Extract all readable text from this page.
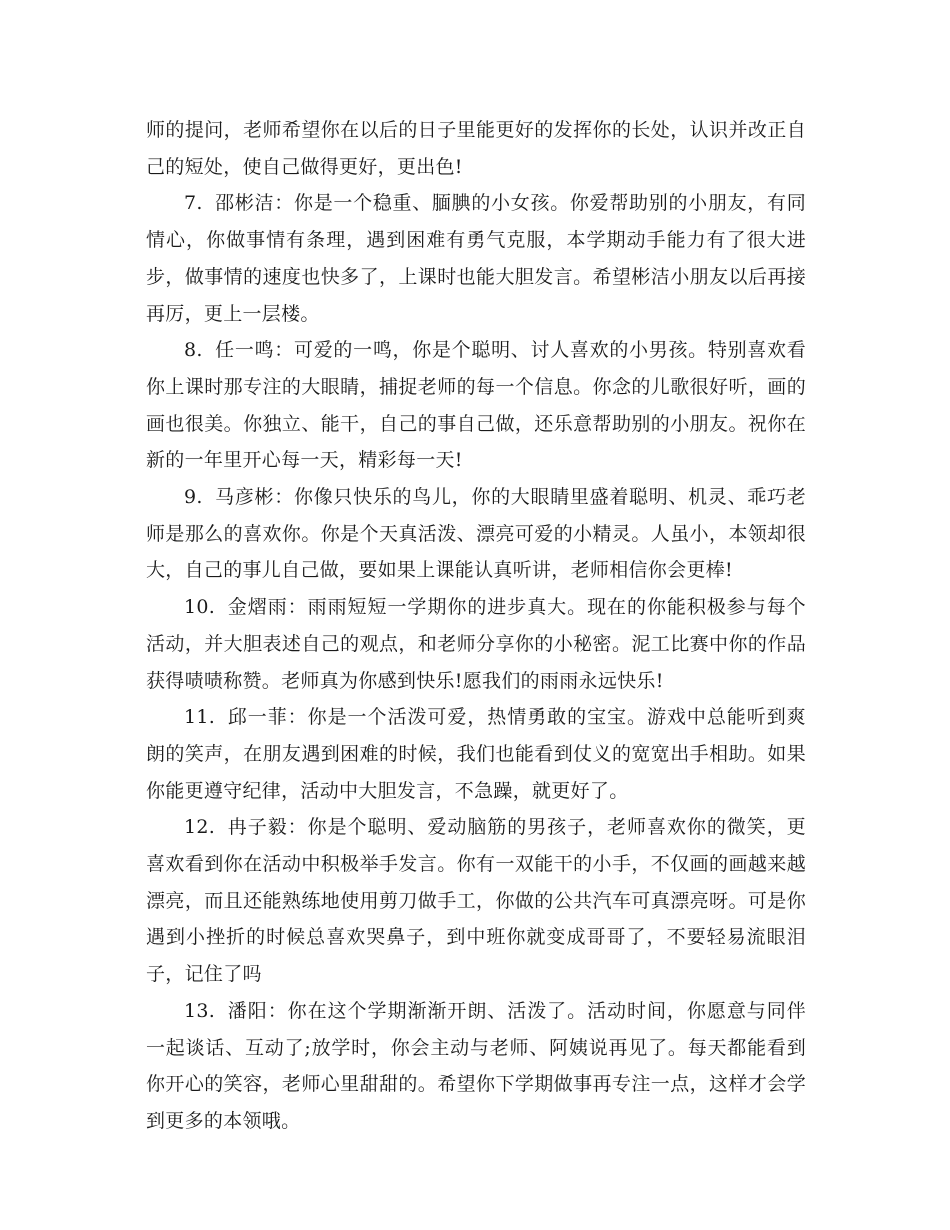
师的提问，老师希望你在以后的日子里能更好的发挥你的长处，认识并改正自己的短处，使自己做得更好，更出色!

7. 邵彬洁：你是一个稳重、腼腆的小女孩。你爱帮助别的小朋友，有同情心，你做事情有条理，遇到困难有勇气克服，本学期动手能力有了很大进步，做事情的速度也快多了，上课时也能大胆发言。希望彬洁小朋友以后再接再厉，更上一层楼。

8. 任一鸣：可爱的一鸣，你是个聪明、讨人喜欢的小男孩。特别喜欢看你上课时那专注的大眼睛，捕捉老师的每一个信息。你念的儿歌很好听，画的画也很美。你独立、能干，自己的事自己做，还乐意帮助别的小朋友。祝你在新的一年里开心每一天，精彩每一天!

9. 马彦彬：你像只快乐的鸟儿，你的大眼睛里盛着聪明、机灵、乖巧老师是那么的喜欢你。你是个天真活泼、漂亮可爱的小精灵。人虽小，本领却很大，自己的事儿自己做，要如果上课能认真听讲，老师相信你会更棒!

10. 金熠雨：雨雨短短一学期你的进步真大。现在的你能积极参与每个活动，并大胆表述自己的观点，和老师分享你的小秘密。泥工比赛中你的作品获得啧啧称赞。老师真为你感到快乐!愿我们的雨雨永远快乐!

11. 邱一菲：你是一个活泼可爱，热情勇敢的宝宝。游戏中总能听到爽朗的笑声，在朋友遇到困难的时候，我们也能看到仗义的宽宽出手相助。如果你能更遵守纪律，活动中大胆发言，不急躁，就更好了。

12. 冉子毅：你是个聪明、爱动脑筋的男孩子，老师喜欢你的微笑，更喜欢看到你在活动中积极举手发言。你有一双能干的小手，不仅画的画越来越漂亮，而且还能熟练地使用剪刀做手工，你做的公共汽车可真漂亮呀。可是你遇到小挫折的时候总喜欢哭鼻子，到中班你就变成哥哥了，不要轻易流眼泪子，记住了吗

13. 潘阳：你在这个学期渐渐开朗、活泼了。活动时间，你愿意与同伴一起谈话、互动了;放学时，你会主动与老师、阿姨说再见了。每天都能看到你开心的笑容，老师心里甜甜的。希望你下学期做事再专注一点，这样才会学到更多的本领哦。
